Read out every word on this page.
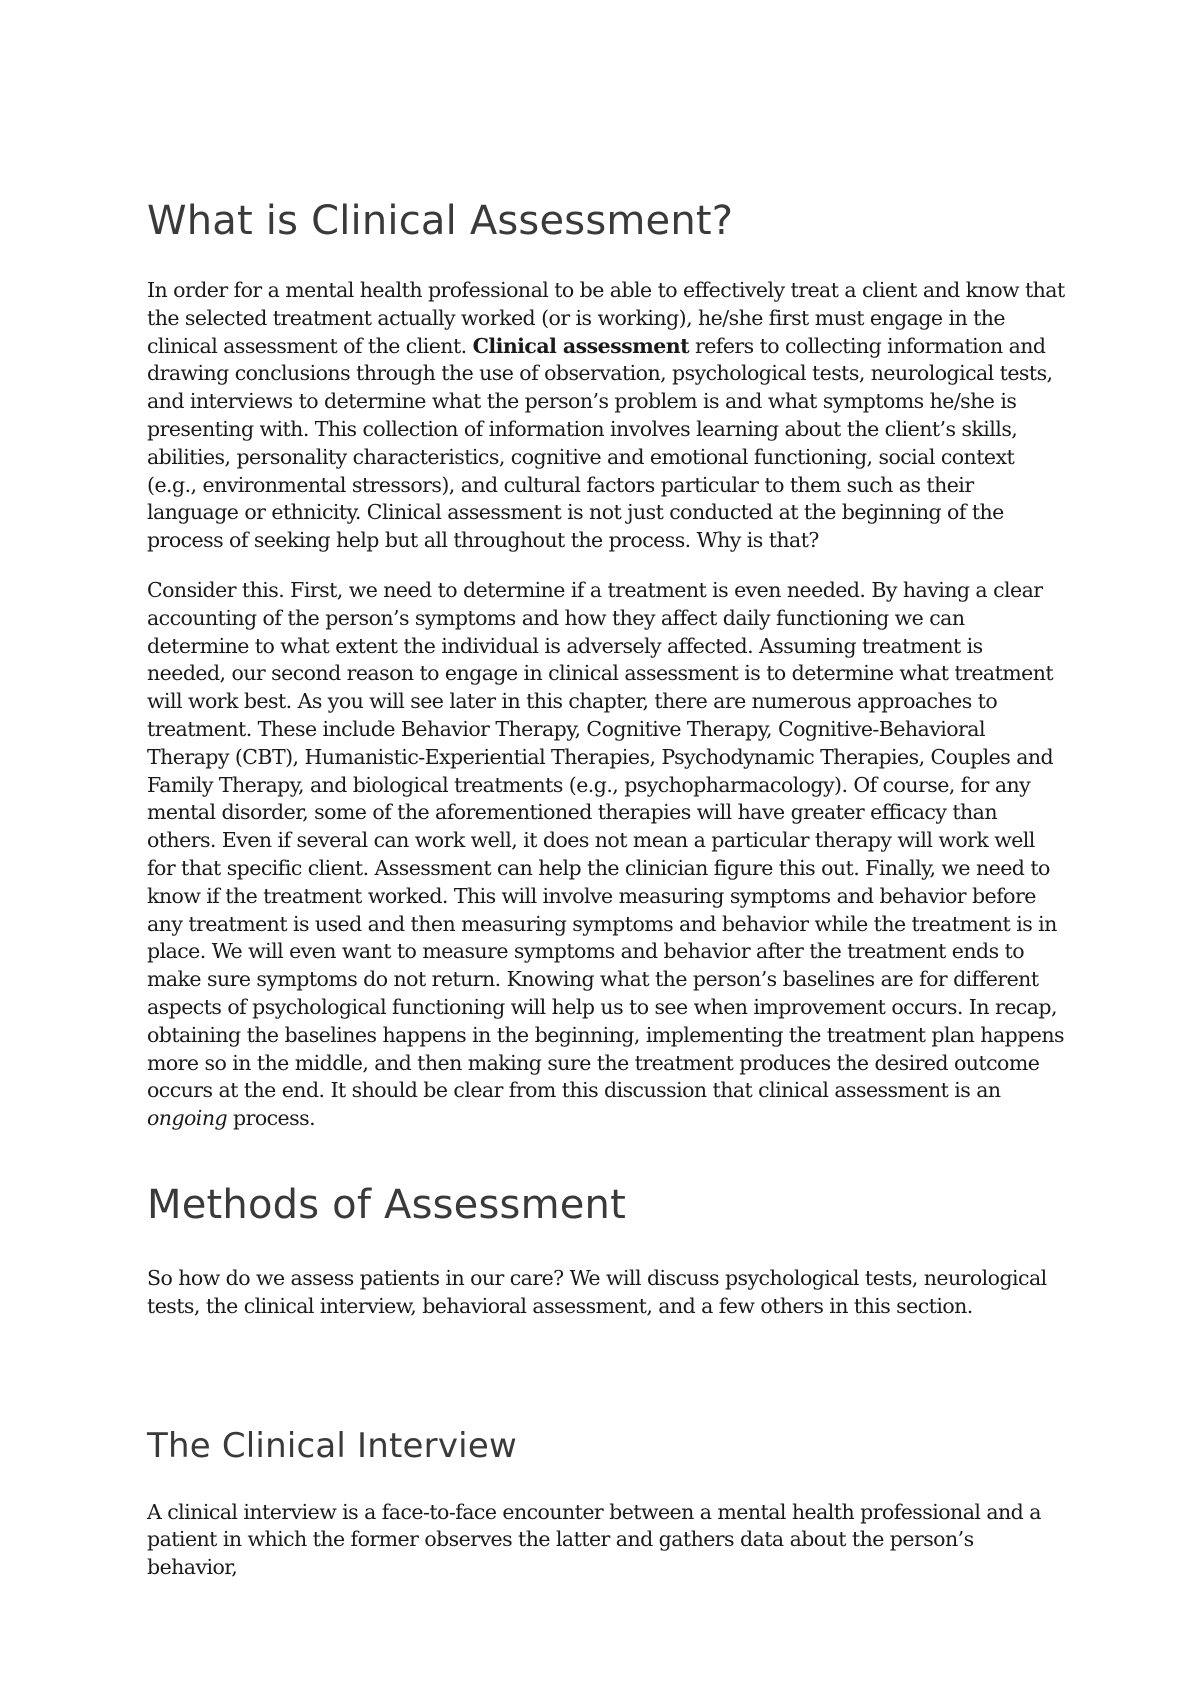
What is Clinical Assessment?

In order for a mental health professional to be able to effectively treat a client and know that the selected treatment actually worked (or is working), he/she first must engage in the clinical assessment of the client. Clinical assessment refers to collecting information and drawing conclusions through the use of observation, psychological tests, neurological tests, and interviews to determine what the person’s problem is and what symptoms he/she is presenting with. This collection of information involves learning about the client’s skills, abilities, personality characteristics, cognitive and emotional functioning, social context (e.g., environmental stressors), and cultural factors particular to them such as their language or ethnicity. Clinical assessment is not just conducted at the beginning of the process of seeking help but all throughout the process. Why is that?

Consider this. First, we need to determine if a treatment is even needed. By having a clear accounting of the person’s symptoms and how they affect daily functioning we can determine to what extent the individual is adversely affected. Assuming treatment is needed, our second reason to engage in clinical assessment is to determine what treatment will work best. As you will see later in this chapter, there are numerous approaches to treatment. These include Behavior Therapy, Cognitive Therapy, Cognitive-Behavioral Therapy (CBT), Humanistic-Experiential Therapies, Psychodynamic Therapies, Couples and Family Therapy, and biological treatments (e.g., psychopharmacology). Of course, for any mental disorder, some of the aforementioned therapies will have greater efficacy than others. Even if several can work well, it does not mean a particular therapy will work well for that specific client. Assessment can help the clinician figure this out. Finally, we need to know if the treatment worked. This will involve measuring symptoms and behavior before any treatment is used and then measuring symptoms and behavior while the treatment is in place. We will even want to measure symptoms and behavior after the treatment ends to make sure symptoms do not return. Knowing what the person’s baselines are for different aspects of psychological functioning will help us to see when improvement occurs. In recap, obtaining the baselines happens in the beginning, implementing the treatment plan happens more so in the middle, and then making sure the treatment produces the desired outcome occurs at the end. It should be clear from this discussion that clinical assessment is an ongoing process.

Methods of Assessment

So how do we assess patients in our care? We will discuss psychological tests, neurological tests, the clinical interview, behavioral assessment, and a few others in this section.

The Clinical Interview

A clinical interview is a face-to-face encounter between a mental health professional and a patient in which the former observes the latter and gathers data about the person’s behavior,
